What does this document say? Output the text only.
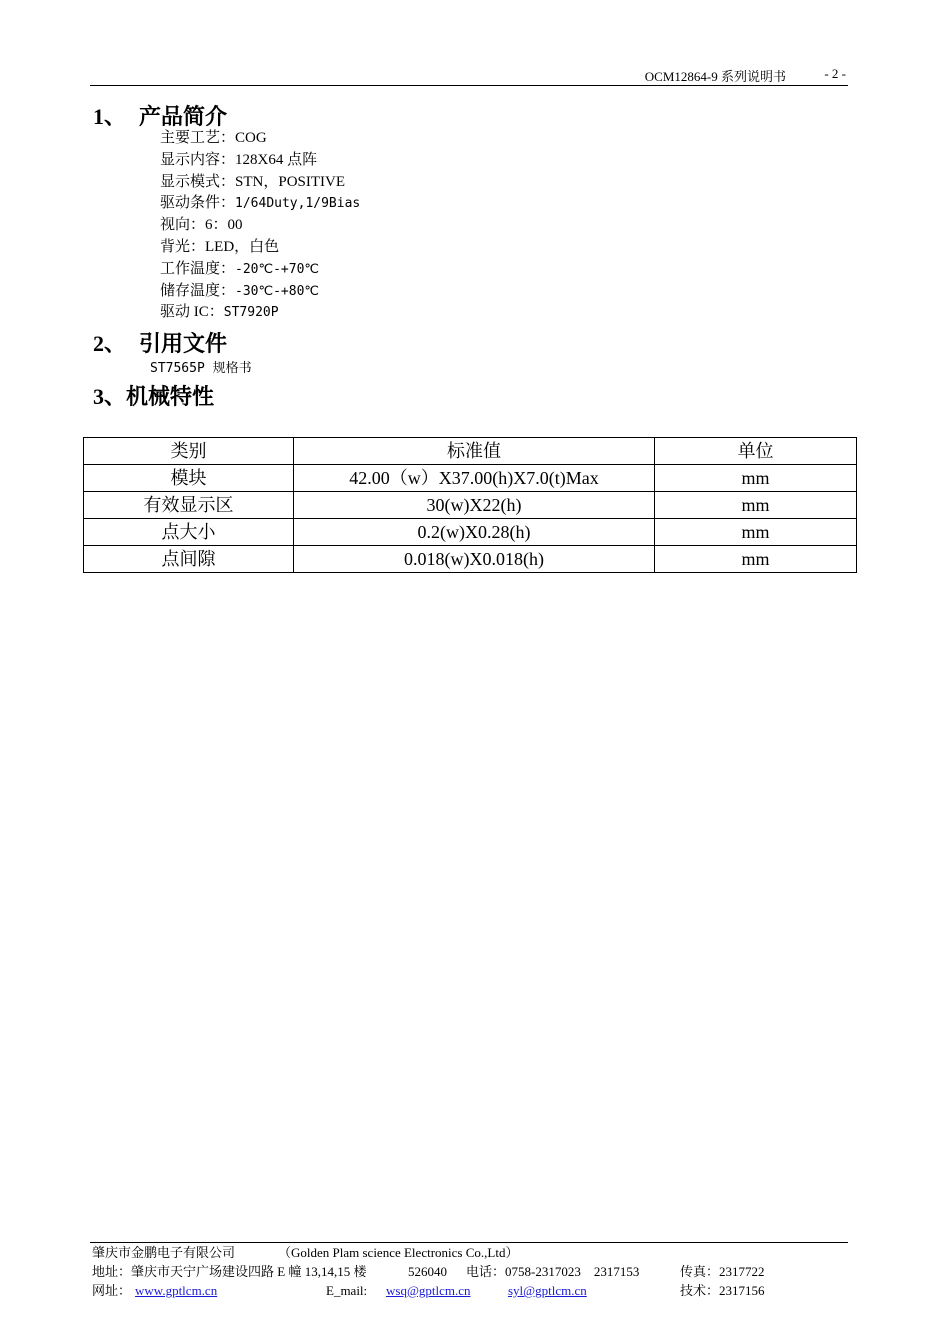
OCM12864-9 系列说明书	- 2 -
1、 产品简介
主要工艺：COG
显示内容：128X64 点阵
显示模式：STN，POSITIVE
驱动条件：1/64Duty,1/9Bias
视向：6：00
背光：LED，白色
工作温度：-20℃-+70℃
储存温度：-30℃-+80℃
驱动 IC：ST7920P
2、 引用文件
ST7565P 规格书
3、机械特性
类别	标准值	单位
模块	42.00（w）X37.00(h)X7.0(t)Max	mm
有效显示区	30(w)X22(h)	mm
点大小	0.2(w)X0.28(h)	mm
点间隙	0.018(w)X0.018(h)	mm
肇庆市金鹏电子有限公司	（Golden Plam science Electronics Co.,Ltd）
地址：肇庆市天宁广场建设四路 E 幢 13,14,15 楼	526040 电话：0758-2317023　2317153	传真：2317722
网址： www.gptlcm.cn	E_mail: wsq@gptlcm.cn	syl@gptlcm.cn	技术：2317156
